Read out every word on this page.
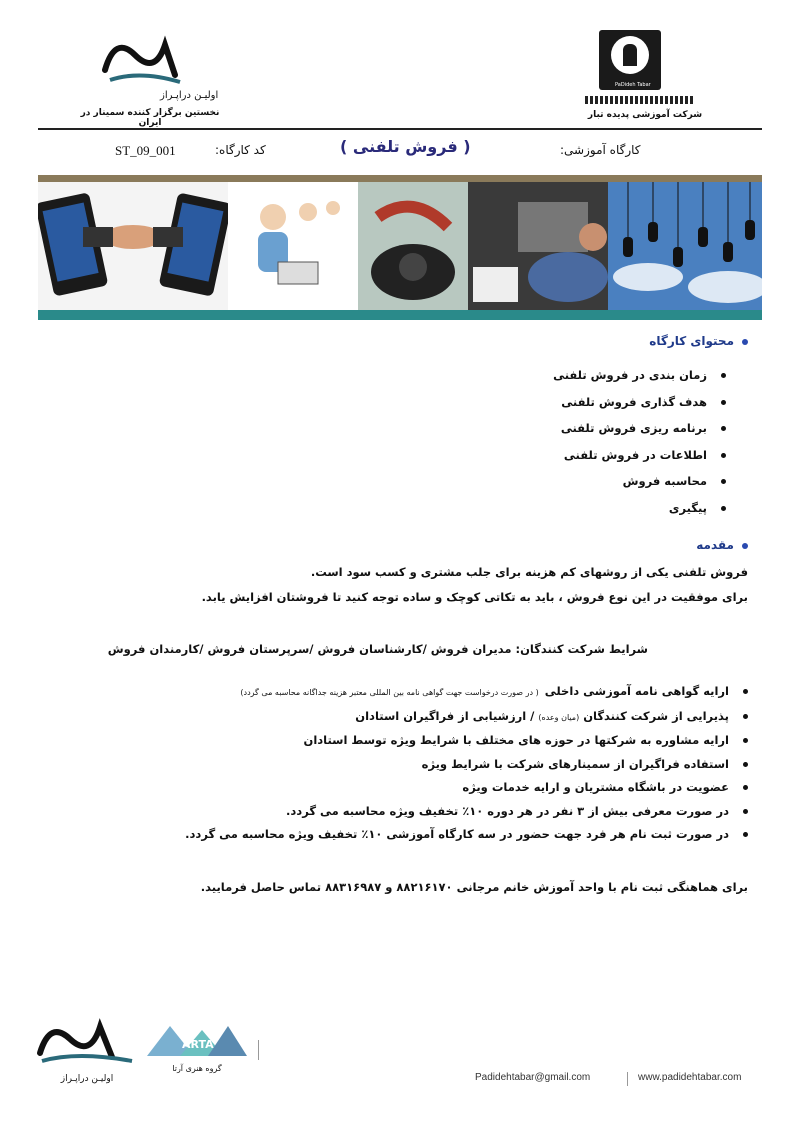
اولیـن دراپـراز
نخستین برگزار کننده سمینار در ایران
PaDideh Tabar
شرکت آموزشی پدیده تبار
کارگاه آموزشی:
( فروش تلفنی )
کد کارگاه:
ST_09_001
محتوای کارگاه
زمان بندی در فروش تلفنی
هدف گذاری فروش تلفنی
برنامه ریزی فروش تلفنی
اطلاعات در فروش تلفنی
محاسبه فروش
پیگیری
مقدمه
فروش تلفنی یکی از روشهای کم هزینه برای جلب مشتری و کسب سود است.
برای موفقیت در این نوع فروش ، باید به تکاتی کوچک و ساده توجه کنید تا فروشتان افزایش یابد.
شرایط شرکت کنندگان: مدیران فروش /کارشناسان فروش /سرپرستان فروش /کارمندان فروش
ارایه گواهی نامه آموزشی داخلی( در صورت درخواست جهت گواهی نامه بین المللی معتبر هزینه جداگانه محاسبه می گردد)
پذیرایی از شرکت کنندگان (میان وعده) / ارزشیابی از فراگیران استادان
ارایه مشاوره به شرکتها در حوزه های مختلف با شرایط ویژه توسط استادان
استفاده فراگیران از سمینارهای شرکت با شرایط ویژه
عضویت در باشگاه مشتریان و ارایه خدمات ویژه
در صورت معرفی بیش از ۳ نفر در هر دوره ۱۰٪ تخفیف ویژه محاسبه می گردد.
در صورت ثبت نام هر فرد جهت حضور در سه کارگاه آموزشی ۱۰٪ تخفیف ویژه محاسبه می گردد.
برای هماهنگی ثبت نام با واحد آموزش خانم مرجانی ۸۸۲۱۶۱۷۰ و ۸۸۳۱۶۹۸۷ تماس حاصل فرمایید.
اولیـن دراپـراز
ARTA
گروه هنری آرتا
Padidehtabar@gmail.com	www.padidehtabar.com
